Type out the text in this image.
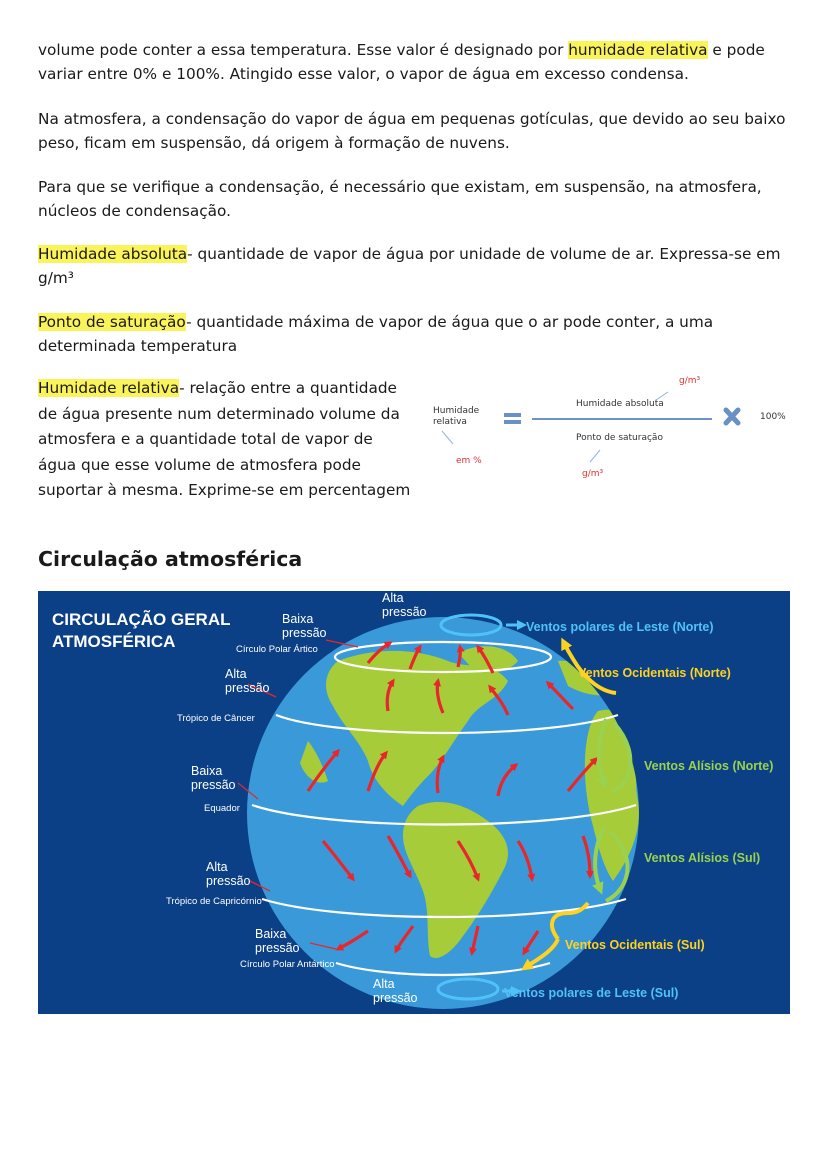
volume pode conter a essa temperatura. Esse valor é designado por humidade relativa e pode variar entre 0% e 100%. Atingido esse valor, o vapor de água em excesso condensa.

Na atmosfera, a condensação do vapor de água em pequenas gotículas, que devido ao seu baixo peso, ficam em suspensão, dá origem à formação de nuvens.

Para que se verifique a condensação, é necessário que existam, em suspensão, na atmosfera, núcleos de condensação.

Humidade absoluta- quantidade de vapor de água por unidade de volume de ar. Expressa-se em g/m³

Ponto de saturação- quantidade máxima de vapor de água que o ar pode conter, a uma determinada temperatura

Humidade relativa- relação entre a quantidade de água presente num determinado volume da atmosfera e a quantidade total de vapor de água que esse volume de atmosfera pode suportar à mesma. Exprime-se em percentagem

Humidade relativa
em %
Humidade absoluta
g/m³
Ponto de saturação
g/m³
100%
Circulação atmosférica
CIRCULAÇÃO GERAL
ATMOSFÉRICA
Alta pressão
Baixa pressão
Alta pressão
Baixa pressão
Alta pressão
Baixa pressão
Alta pressão
Círculo Polar Ártico
Trópico de Câncer
Equador
Trópico de Capricórnio
Círculo Polar Antártico
Ventos polares de Leste (Norte)
Ventos Ocidentais (Norte)
Ventos Alísios (Norte)
Ventos Alísios (Sul)
Ventos Ocidentais (Sul)
Ventos polares de Leste (Sul)
